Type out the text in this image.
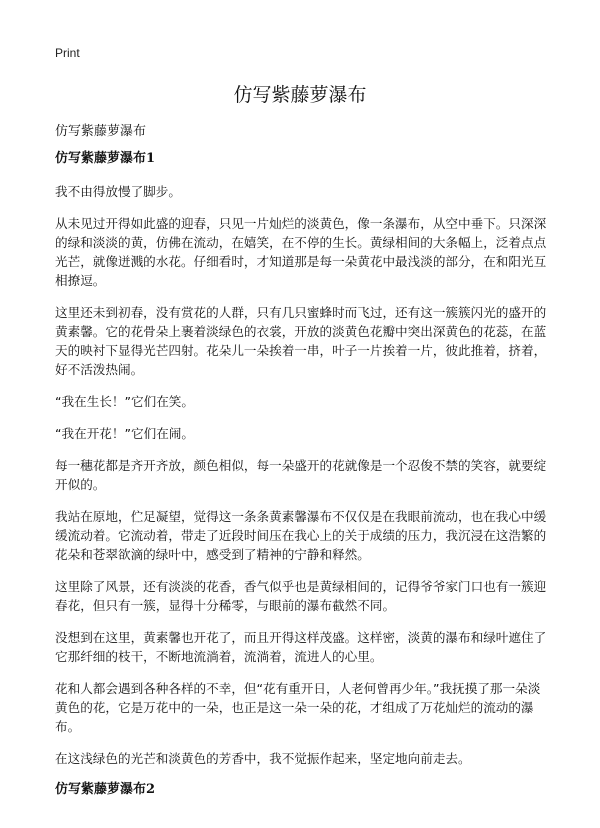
Print
仿写紫藤萝瀑布
仿写紫藤萝瀑布
仿写紫藤萝瀑布1

我不由得放慢了脚步。

从未见过开得如此盛的迎春，只见一片灿烂的淡黄色，像一条瀑布，从空中垂下。只深深的绿和淡淡的黄，仿佛在流动，在嬉笑，在不停的生长。黄绿相间的大条幅上，泛着点点光芒，就像迸溅的水花。仔细看时，才知道那是每一朵黄花中最浅淡的部分，在和阳光互相撩逗。

这里还未到初春，没有赏花的人群，只有几只蜜蜂时而飞过，还有这一簇簇闪光的盛开的黄素馨。它的花骨朵上裹着淡绿色的衣裳，开放的淡黄色花瓣中突出深黄色的花蕊，在蓝天的映衬下显得光芒四射。花朵儿一朵挨着一串，叶子一片挨着一片，彼此推着，挤着，好不活泼热闹。

“我在生长！”它们在笑。

“我在开花！”它们在闹。

每一穗花都是齐开齐放，颜色相似，每一朵盛开的花就像是一个忍俊不禁的笑容，就要绽开似的。

我站在原地，伫足凝望，觉得这一条条黄素馨瀑布不仅仅是在我眼前流动，也在我心中缓缓流动着。它流动着，带走了近段时间压在我心上的关于成绩的压力，我沉浸在这浩繁的花朵和苍翠欲滴的绿叶中，感受到了精神的宁静和释然。

这里除了风景，还有淡淡的花香，香气似乎也是黄绿相间的，记得爷爷家门口也有一簇迎春花，但只有一簇，显得十分稀零，与眼前的瀑布截然不同。

没想到在这里，黄素馨也开花了，而且开得这样茂盛。这样密，淡黄的瀑布和绿叶遮住了它那纤细的枝干，不断地流淌着，流淌着，流进人的心里。

花和人都会遇到各种各样的不幸，但“花有重开日，人老何曾再少年。”我抚摸了那一朵淡黄色的花，它是万花中的一朵，也正是这一朵一朵的花，才组成了万花灿烂的流动的瀑布。

在这浅绿色的光芒和淡黄色的芳香中，我不觉振作起来，坚定地向前走去。

仿写紫藤萝瀑布2
